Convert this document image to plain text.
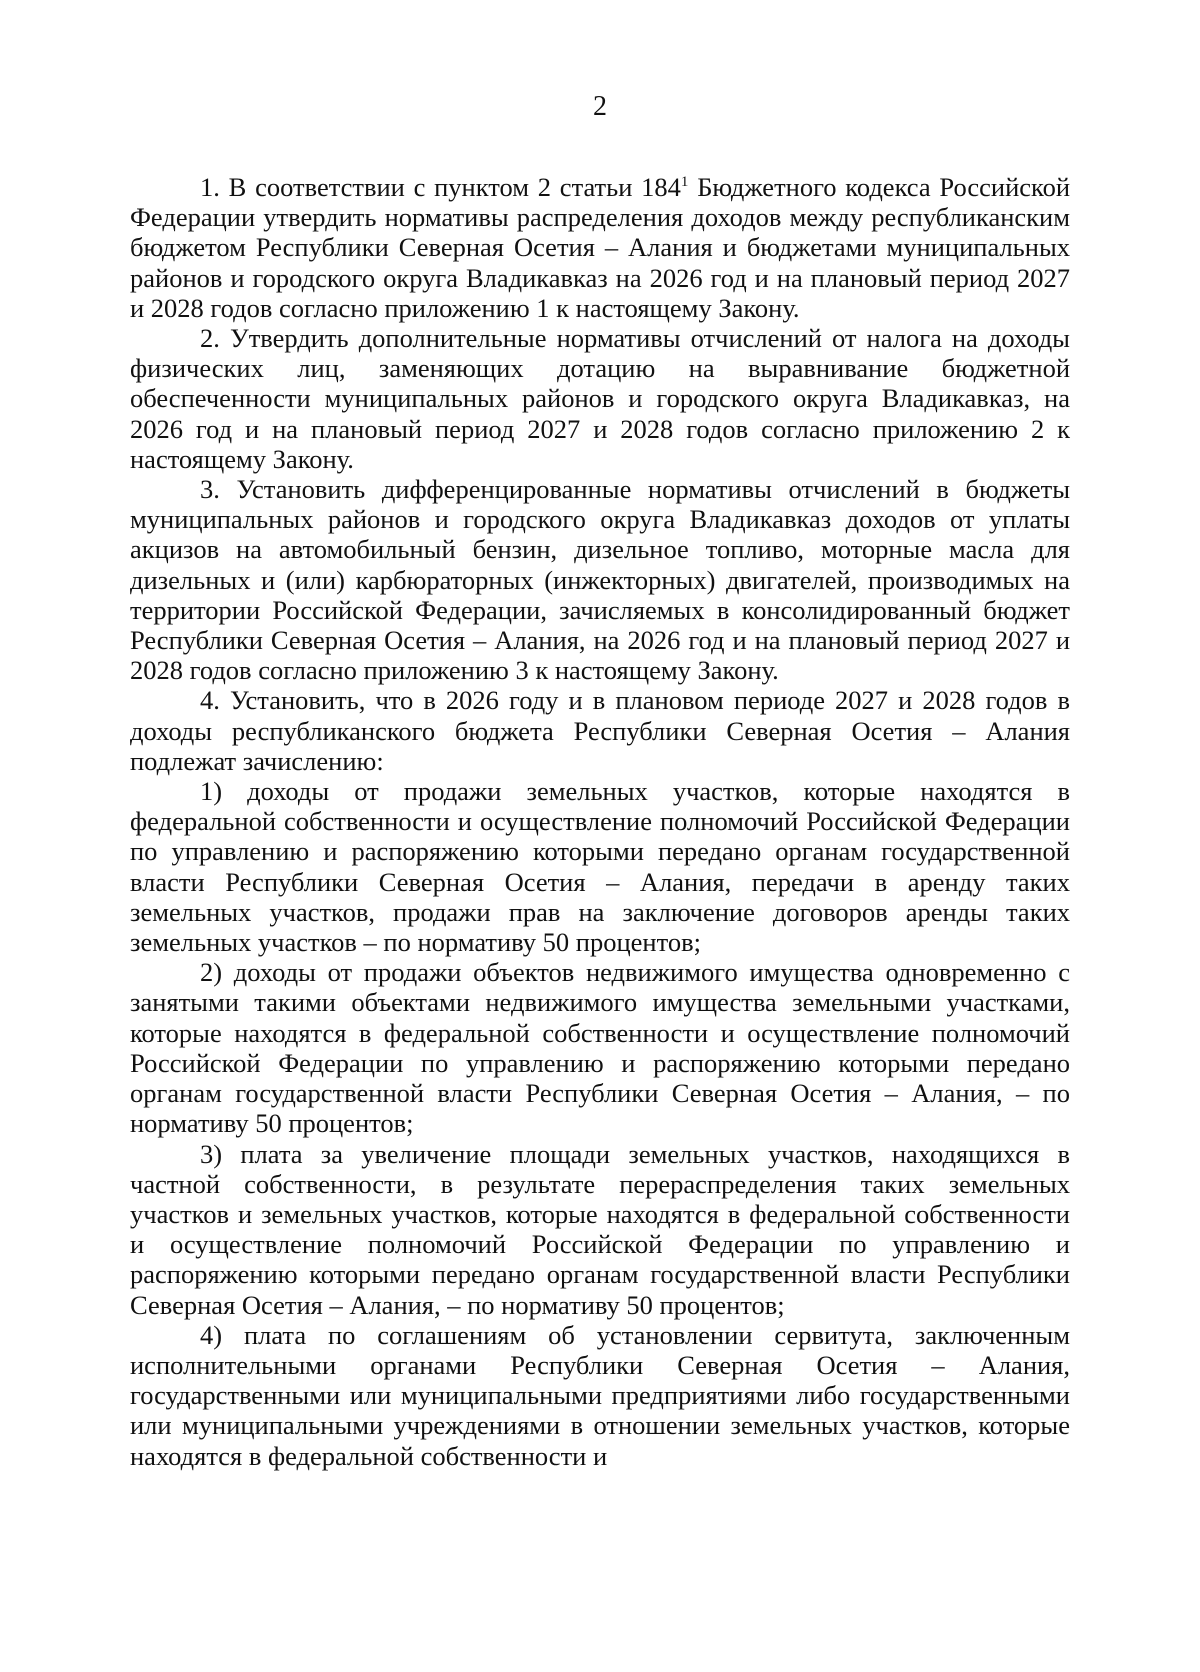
2

1. В соответствии с пунктом 2 статьи $184^1$ Бюджетного кодекса Российской Федерации утвердить нормативы распределения доходов между республиканским бюджетом Республики Северная Осетия – Алания и бюджетами муниципальных районов и городского округа Владикавказ на 2026 год и на плановый период 2027 и 2028 годов согласно приложению 1 к настоящему Закону.

2. Утвердить дополнительные нормативы отчислений от налога на доходы физических лиц, заменяющих дотацию на выравнивание бюджетной обеспеченности муниципальных районов и городского округа Владикавказ, на 2026 год и на плановый период 2027 и 2028 годов согласно приложению 2 к настоящему Закону.

3. Установить дифференцированные нормативы отчислений в бюджеты муниципальных районов и городского округа Владикавказ доходов от уплаты акцизов на автомобильный бензин, дизельное топливо, моторные масла для дизельных и (или) карбюраторных (инжекторных) двигателей, производимых на территории Российской Федерации, зачисляемых в консолидированный бюджет Республики Северная Осетия – Алания, на 2026 год и на плановый период 2027 и 2028 годов согласно приложению 3 к настоящему Закону.

4. Установить, что в 2026 году и в плановом периоде 2027 и 2028 годов в доходы республиканского бюджета Республики Северная Осетия – Алания подлежат зачислению:

1) доходы от продажи земельных участков, которые находятся в федеральной собственности и осуществление полномочий Российской Федерации по управлению и распоряжению которыми передано органам государственной власти Республики Северная Осетия – Алания, передачи в аренду таких земельных участков, продажи прав на заключение договоров аренды таких земельных участков – по нормативу 50 процентов;

2) доходы от продажи объектов недвижимого имущества одновременно с занятыми такими объектами недвижимого имущества земельными участками, которые находятся в федеральной собственности и осуществление полномочий Российской Федерации по управлению и распоряжению которыми передано органам государственной власти Республики Северная Осетия – Алания, – по нормативу 50 процентов;

3) плата за увеличение площади земельных участков, находящихся в частной собственности, в результате перераспределения таких земельных участков и земельных участков, которые находятся в федеральной собственности и осуществление полномочий Российской Федерации по управлению и распоряжению которыми передано органам государственной власти Республики Северная Осетия – Алания, – по нормативу 50 процентов;

4) плата по соглашениям об установлении сервитута, заключенным исполнительными органами Республики Северная Осетия – Алания, государственными или муниципальными предприятиями либо государственными или муниципальными учреждениями в отношении земельных участков, которые находятся в федеральной собственности и
